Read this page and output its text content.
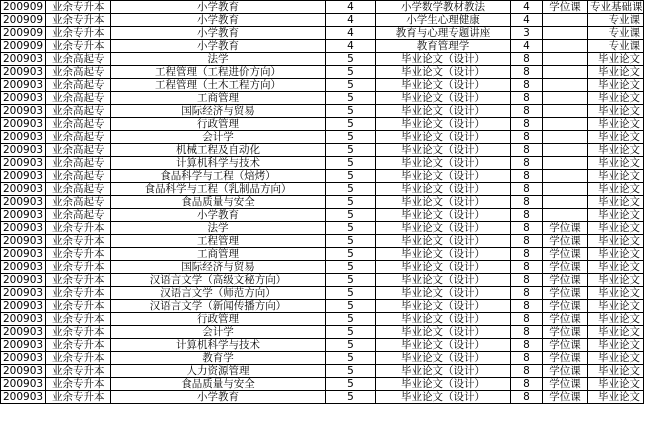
200909	业余专升本	小学教育	4	小学数学教材教法	4	学位课	专业基础课
200909	业余专升本	小学教育	4	小学生心理健康	4		专业课
200909	业余专升本	小学教育	4	教育与心理专题讲座	3		专业课
200909	业余专升本	小学教育	4	教育管理学	4		专业课
200903	业余高起专	法学	5	毕业论文（设计）	8		毕业论文
200903	业余高起专	工程管理（工程进价方向）	5	毕业论文（设计）	8		毕业论文
200903	业余高起专	工程管理（土木工程方向）	5	毕业论文（设计）	8		毕业论文
200903	业余高起专	工商管理	5	毕业论文（设计）	8		毕业论文
200903	业余高起专	国际经济与贸易	5	毕业论文（设计）	8		毕业论文
200903	业余高起专	行政管理	5	毕业论文（设计）	8		毕业论文
200903	业余高起专	会计学	5	毕业论文（设计）	8		毕业论文
200903	业余高起专	机械工程及自动化	5	毕业论文（设计）	8		毕业论文
200903	业余高起专	计算机科学与技术	5	毕业论文（设计）	8		毕业论文
200903	业余高起专	食品科学与工程（焙烤）	5	毕业论文（设计）	8		毕业论文
200903	业余高起专	食品科学与工程（乳制品方向）	5	毕业论文（设计）	8		毕业论文
200903	业余高起专	食品质量与安全	5	毕业论文（设计）	8		毕业论文
200903	业余高起专	小学教育	5	毕业论文（设计）	8		毕业论文
200903	业余专升本	法学	5	毕业论文（设计）	8	学位课	毕业论文
200903	业余专升本	工程管理	5	毕业论文（设计）	8	学位课	毕业论文
200903	业余专升本	工商管理	5	毕业论文（设计）	8	学位课	毕业论文
200903	业余专升本	国际经济与贸易	5	毕业论文（设计）	8	学位课	毕业论文
200903	业余专升本	汉语言文学（高级文秘方向）	5	毕业论文（设计）	8	学位课	毕业论文
200903	业余专升本	汉语言文学（师范方向）	5	毕业论文（设计）	8	学位课	毕业论文
200903	业余专升本	汉语言文学（新闻传播方向）	5	毕业论文（设计）	8	学位课	毕业论文
200903	业余专升本	行政管理	5	毕业论文（设计）	8	学位课	毕业论文
200903	业余专升本	会计学	5	毕业论文（设计）	8	学位课	毕业论文
200903	业余专升本	计算机科学与技术	5	毕业论文（设计）	8	学位课	毕业论文
200903	业余专升本	教育学	5	毕业论文（设计）	8	学位课	毕业论文
200903	业余专升本	人力资源管理	5	毕业论文（设计）	8	学位课	毕业论文
200903	业余专升本	食品质量与安全	5	毕业论文（设计）	8	学位课	毕业论文
200903	业余专升本	小学教育	5	毕业论文（设计）	8	学位课	毕业论文
